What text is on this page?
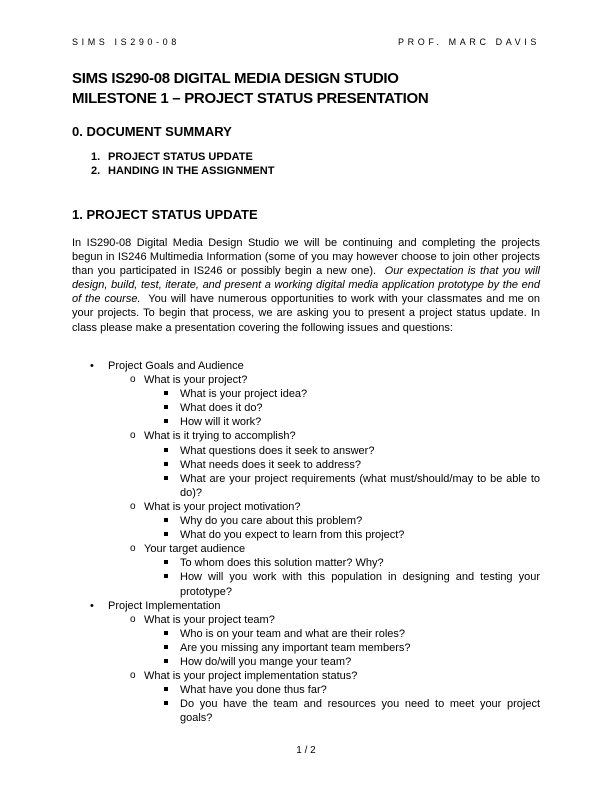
SIMS IS290-08	PROF. MARC DAVIS
SIMS IS290-08 DIGITAL MEDIA DESIGN STUDIO
MILESTONE 1 – PROJECT STATUS PRESENTATION
0. DOCUMENT SUMMARY
1. PROJECT STATUS UPDATE
2. HANDING IN THE ASSIGNMENT
1. PROJECT STATUS UPDATE
In IS290-08 Digital Media Design Studio we will be continuing and completing the projects begun in IS246 Multimedia Information (some of you may however choose to join other projects than you participated in IS246 or possibly begin a new one). Our expectation is that you will design, build, test, iterate, and present a working digital media application prototype by the end of the course. You will have numerous opportunities to work with your classmates and me on your projects. To begin that process, we are asking you to present a project status update. In class please make a presentation covering the following issues and questions:
• Project Goals and Audience
o What is your project?
What is your project idea?
What does it do?
How will it work?
o What is it trying to accomplish?
What questions does it seek to answer?
What needs does it seek to address?
What are your project requirements (what must/should/may to be able to do)?
o What is your project motivation?
Why do you care about this problem?
What do you expect to learn from this project?
o Your target audience
To whom does this solution matter? Why?
How will you work with this population in designing and testing your prototype?
• Project Implementation
o What is your project team?
Who is on your team and what are their roles?
Are you missing any important team members?
How do/will you mange your team?
o What is your project implementation status?
What have you done thus far?
Do you have the team and resources you need to meet your project goals?
1 / 2
